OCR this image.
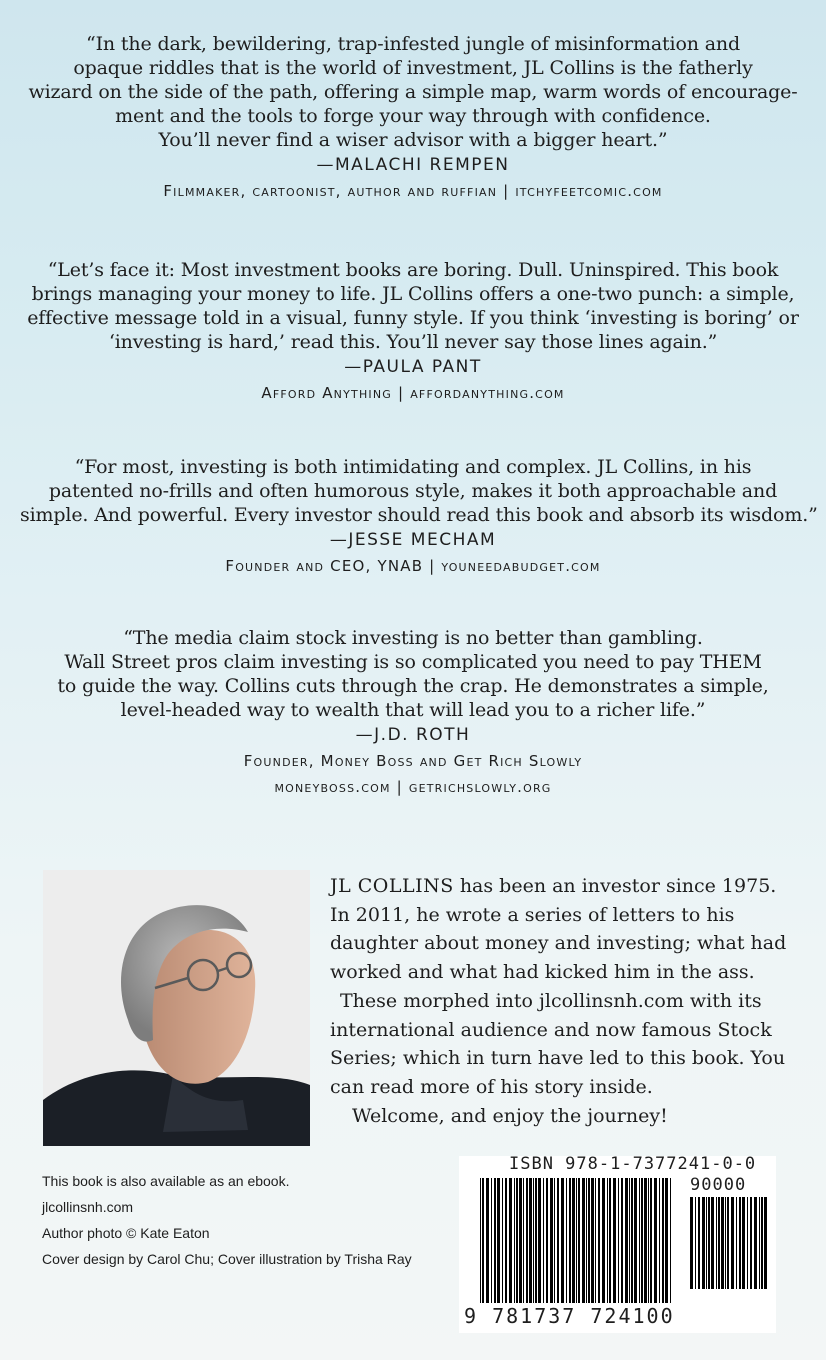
“In the dark, bewildering, trap-infested jungle of misinformation and
opaque riddles that is the world of investment, JL Collins is the fatherly
wizard on the side of the path, offering a simple map, warm words of encourage-
ment and the tools to forge your way through with confidence.
You’ll never find a wiser advisor with a bigger heart.”
—MALACHI REMPEN
Filmmaker, cartoonist, author and ruffian | itchyfeetcomic.com
“Let’s face it: Most investment books are boring. Dull. Uninspired. This book
brings managing your money to life. JL Collins offers a one-two punch: a simple,
effective message told in a visual, funny style. If you think ‘investing is boring’ or
‘investing is hard,’ read this. You’ll never say those lines again.”
—PAULA PANT
Afford Anything | affordanything.com
“For most, investing is both intimidating and complex. JL Collins, in his
patented no-frills and often humorous style, makes it both approachable and
simple. And powerful. Every investor should read this book and absorb its wisdom.”
—JESSE MECHAM
Founder and CEO, YNAB | youneedabudget.com
“The media claim stock investing is no better than gambling.
Wall Street pros claim investing is so complicated you need to pay THEM
to guide the way. Collins cuts through the crap. He demonstrates a simple,
level-headed way to wealth that will lead you to a richer life.”
—J.D. ROTH
Founder, Money Boss and Get Rich Slowly
moneyboss.com | getrichslowly.org
JL COLLINS has been an investor since 1975.
In 2011, he wrote a series of letters to his
daughter about money and investing; what had
worked and what had kicked him in the ass.
These morphed into jlcollinsnh.com with its
international audience and now famous Stock
Series; which in turn have led to this book. You
can read more of his story inside.
Welcome, and enjoy the journey!
This book is also available as an ebook.
jlcollinsnh.com
Author photo © Kate Eaton
Cover design by Carol Chu; Cover illustration by Trisha Ray
ISBN 978-1-7377241-0-0
90000
9 781737 724100
